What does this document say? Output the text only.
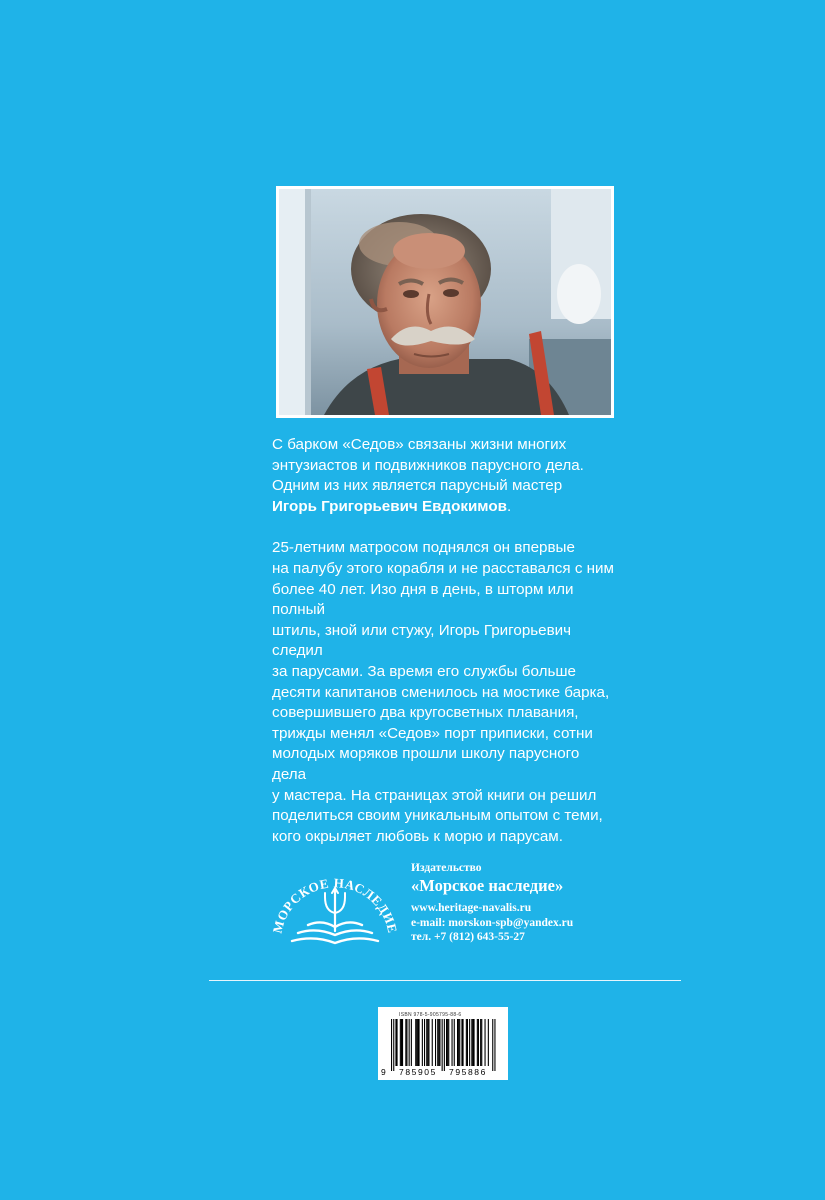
С барком «Седов» связаны жизни многих
энтузиастов и подвижников парусного дела.
Одним из них является парусный мастер
Игорь Григорьевич Евдокимов.

25-летним матросом поднялся он впервые
на палубу этого корабля и не расставался с ним
более 40 лет. Изо дня в день, в шторм или полный
штиль, зной или стужу, Игорь Григорьевич следил
за парусами. За время его службы больше
десяти капитанов сменилось на мостике барка,
совершившего два кругосветных плавания,
трижды менял «Седов» порт приписки, сотни
молодых моряков прошли школу парусного дела
у мастера. На страницах этой книги он решил
поделиться своим уникальным опытом с теми,
кого окрыляет любовь к морю и парусам.

МОРСКОЕ НАСЛЕДИЕ
Издательство
«Морское наследие»
www.heritage-navalis.ru
e-mail: morskon-spb@yandex.ru
тел. +7 (812) 643-55-27
ISBN 978-5-905795-88-6
9 785905 795886
